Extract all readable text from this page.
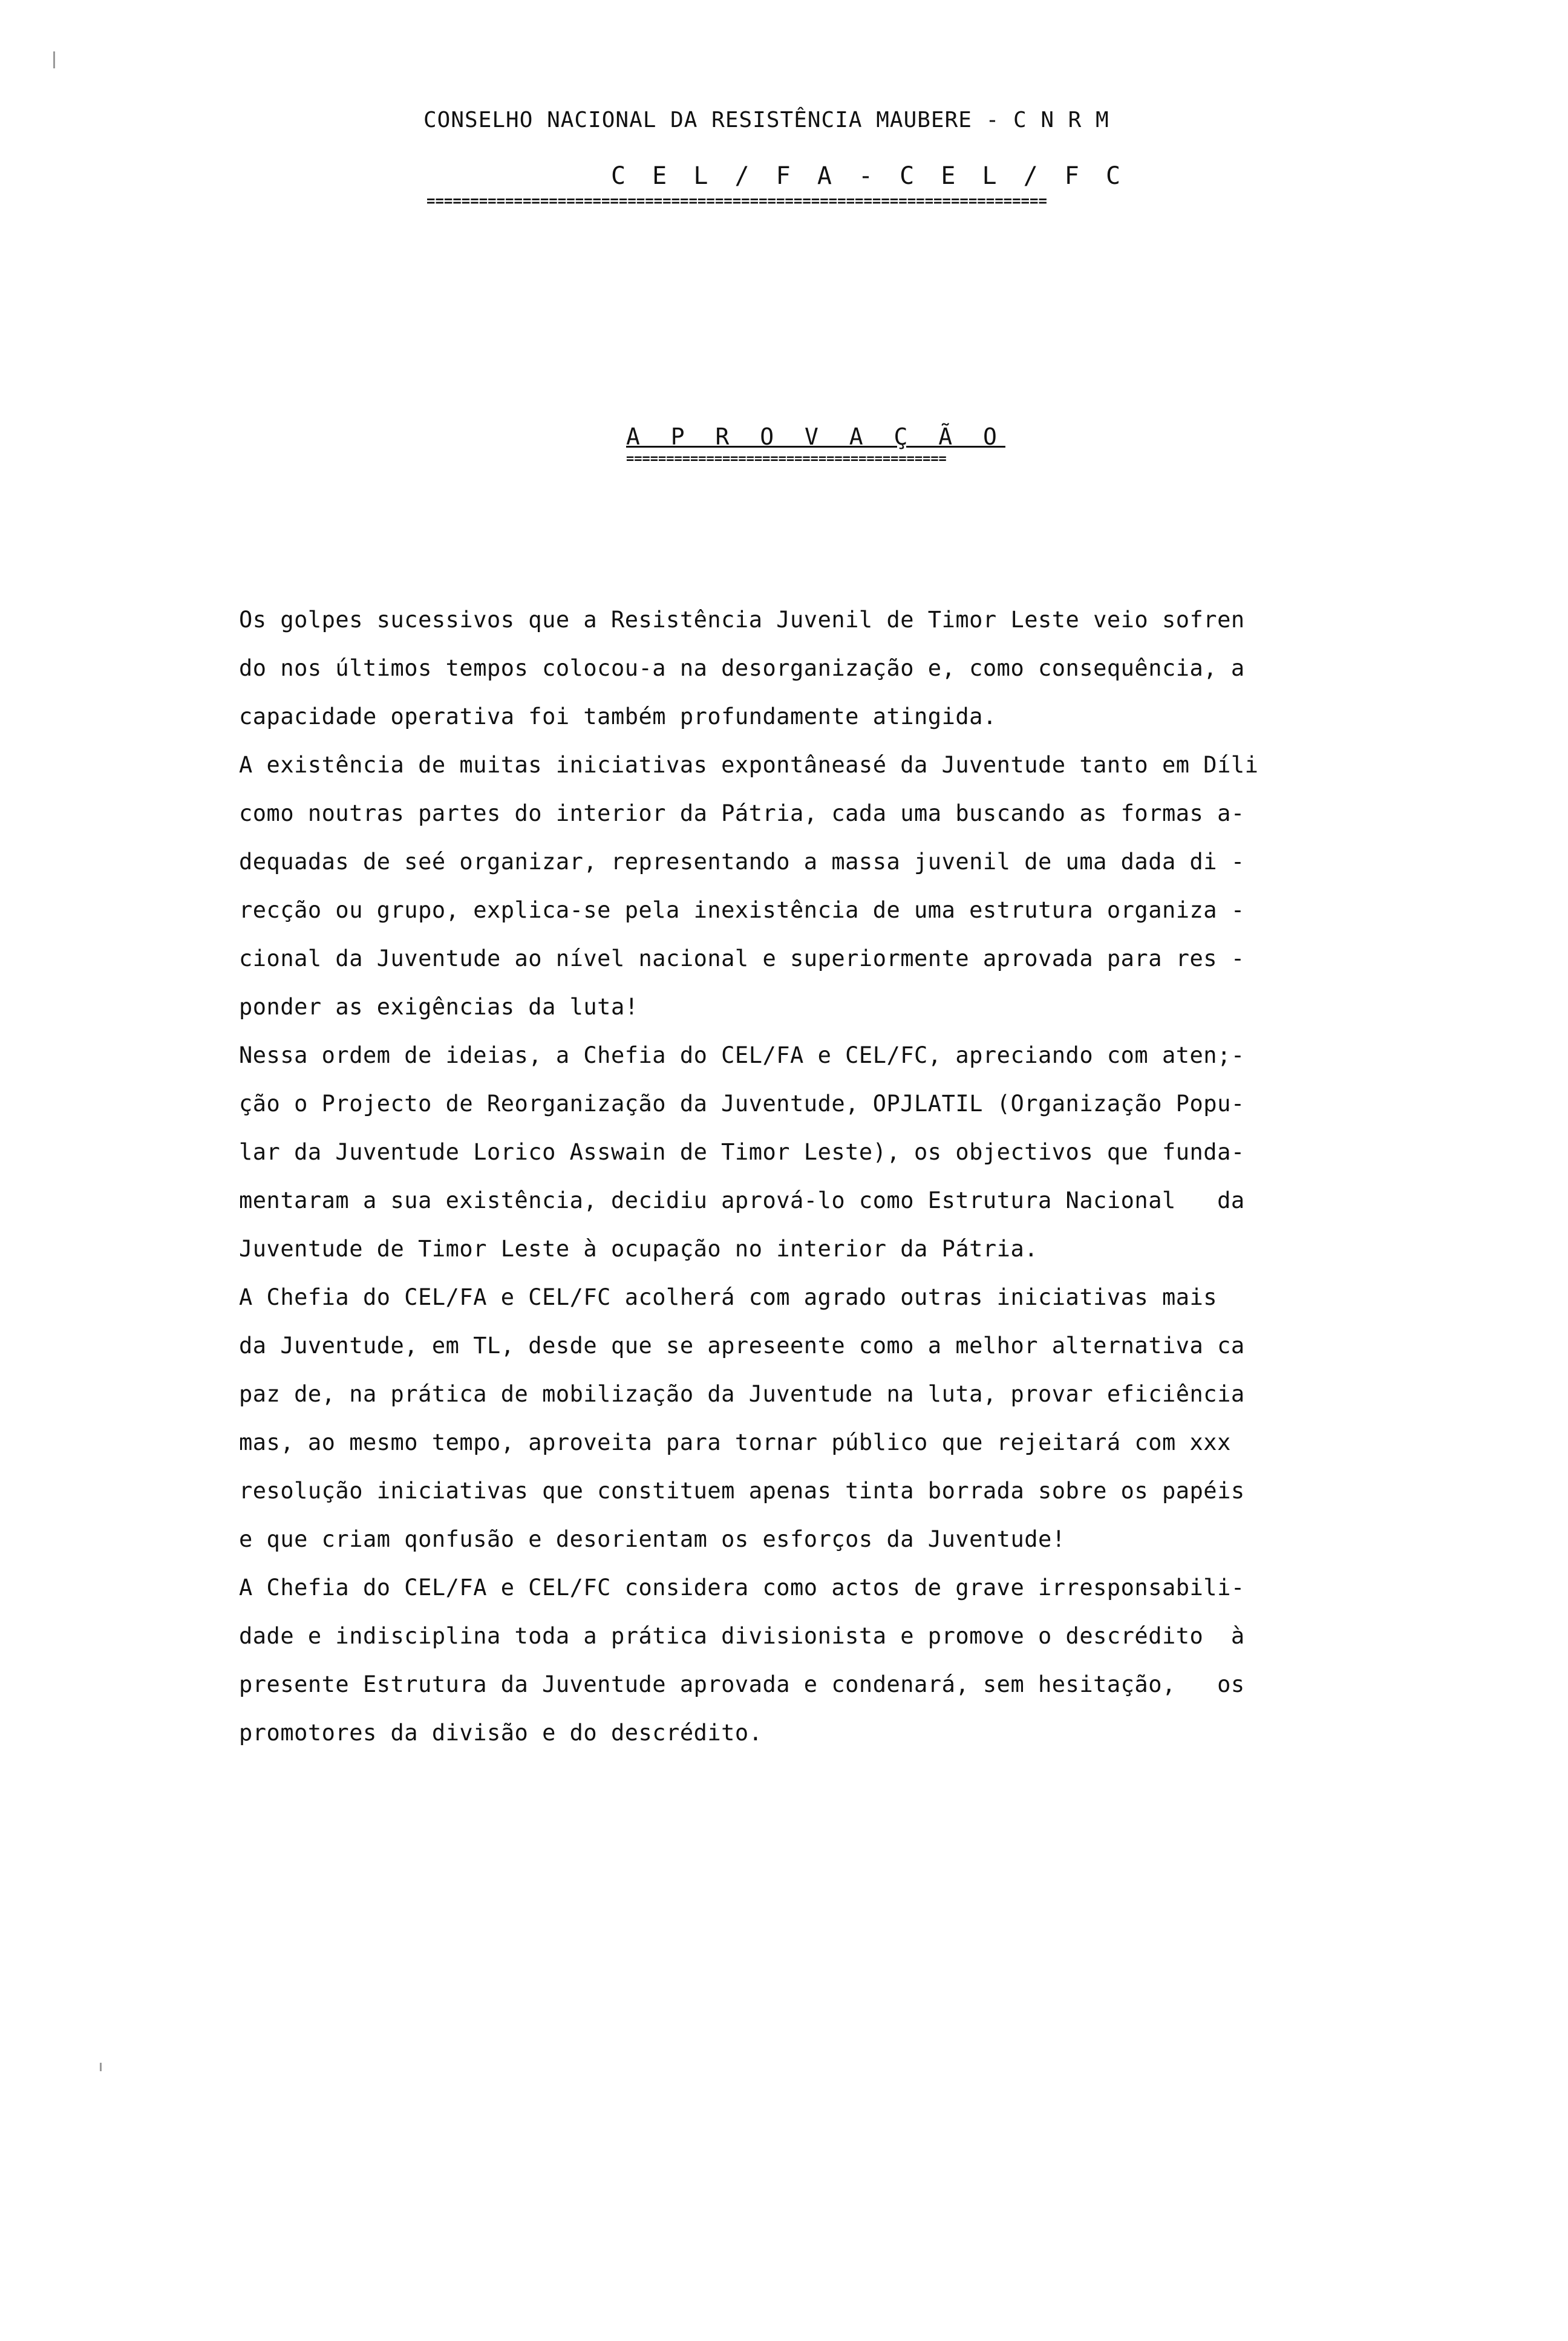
CONSELHO NACIONAL DA RESISTÊNCIA MAUBERE - C N R M
C E L / F A - C E L / F C
=======================================================================
A P R O V A Ç Ã O
========================================
Os golpes sucessivos que a Resistência Juvenil de Timor Leste veio sofren
do nos últimos tempos colocou-a na desorganização e, como consequência, a
capacidade operativa foi também profundamente atingida.
A existência de muitas iniciativas expontâneasé da Juventude tanto em Díli
como noutras partes do interior da Pátria, cada uma buscando as formas a-
dequadas de seé organizar, representando a massa juvenil de uma dada di -
recção ou grupo, explica-se pela inexistência de uma estrutura organiza -
cional da Juventude ao nível nacional e superiormente aprovada para res -
ponder as exigências da luta!
Nessa ordem de ideias, a Chefia do CEL/FA e CEL/FC, apreciando com aten;-
ção o Projecto de Reorganização da Juventude, OPJLATIL (Organização Popu-
lar da Juventude Lorico Asswain de Timor Leste), os objectivos que funda-
mentaram a sua existência, decidiu aprová-lo como Estrutura Nacional   da
Juventude de Timor Leste à ocupação no interior da Pátria.
A Chefia do CEL/FA e CEL/FC acolherá com agrado outras iniciativas mais
da Juventude, em TL, desde que se apreseente como a melhor alternativa ca
paz de, na prática de mobilização da Juventude na luta, provar eficiência
mas, ao mesmo tempo, aproveita para tornar público que rejeitará com xxx
resolução iniciativas que constituem apenas tinta borrada sobre os papéis
e que criam qonfusão e desorientam os esforços da Juventude!
A Chefia do CEL/FA e CEL/FC considera como actos de grave irresponsabili-
dade e indisciplina toda a prática divisionista e promove o descrédito  à
presente Estrutura da Juventude aprovada e condenará, sem hesitação,   os
promotores da divisão e do descrédito.
